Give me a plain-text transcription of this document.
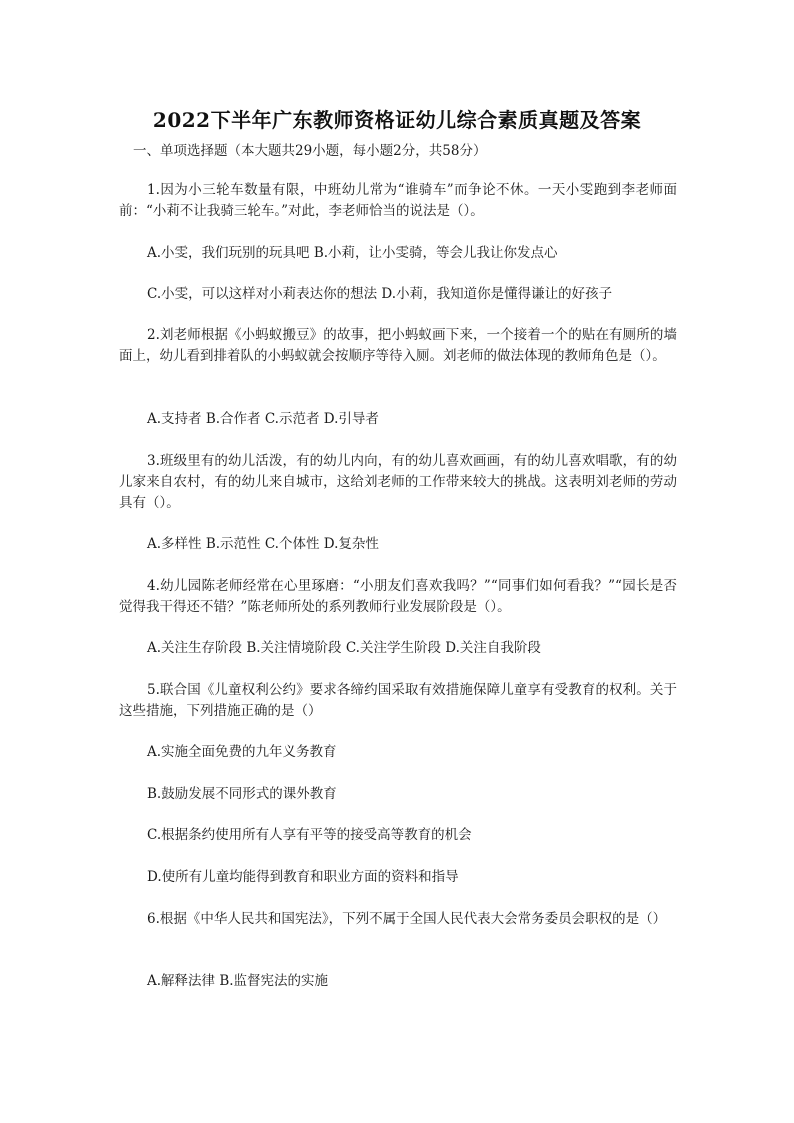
2022下半年广东教师资格证幼儿综合素质真题及答案
一、单项选择题（本大题共29小题，每小题2分，共58分）
1.因为小三轮车数量有限，中班幼儿常为“谁骑车”而争论不休。一天小雯跑到李老师面前：“小莉不让我骑三轮车。”对此，李老师恰当的说法是（）。
A.小雯，我们玩别的玩具吧 B.小莉，让小雯骑，等会儿我让你发点心
C.小雯，可以这样对小莉表达你的想法 D.小莉，我知道你是懂得谦让的好孩子
2.刘老师根据《小蚂蚁搬豆》的故事，把小蚂蚁画下来，一个接着一个的贴在有厕所的墙面上，幼儿看到排着队的小蚂蚁就会按顺序等待入厕。刘老师的做法体现的教师角色是（）。
A.支持者 B.合作者 C.示范者 D.引导者
3.班级里有的幼儿活泼，有的幼儿内向，有的幼儿喜欢画画，有的幼儿喜欢唱歌，有的幼儿家来自农村，有的幼儿来自城市，这给刘老师的工作带来较大的挑战。这表明刘老师的劳动具有（）。
A.多样性 B.示范性 C.个体性 D.复杂性
4.幼儿园陈老师经常在心里琢磨：“小朋友们喜欢我吗？”“同事们如何看我？”“园长是否觉得我干得还不错？”陈老师所处的系列教师行业发展阶段是（）。
A.关注生存阶段 B.关注情境阶段 C.关注学生阶段 D.关注自我阶段
5.联合国《儿童权利公约》要求各缔约国采取有效措施保障儿童享有受教育的权利。关于这些措施，下列措施正确的是（）
A.实施全面免费的九年义务教育
B.鼓励发展不同形式的课外教育
C.根据条约使用所有人享有平等的接受高等教育的机会
D.使所有儿童均能得到教育和职业方面的资料和指导
6.根据《中华人民共和国宪法》，下列不属于全国人民代表大会常务委员会职权的是（）
A.解释法律 B.监督宪法的实施
